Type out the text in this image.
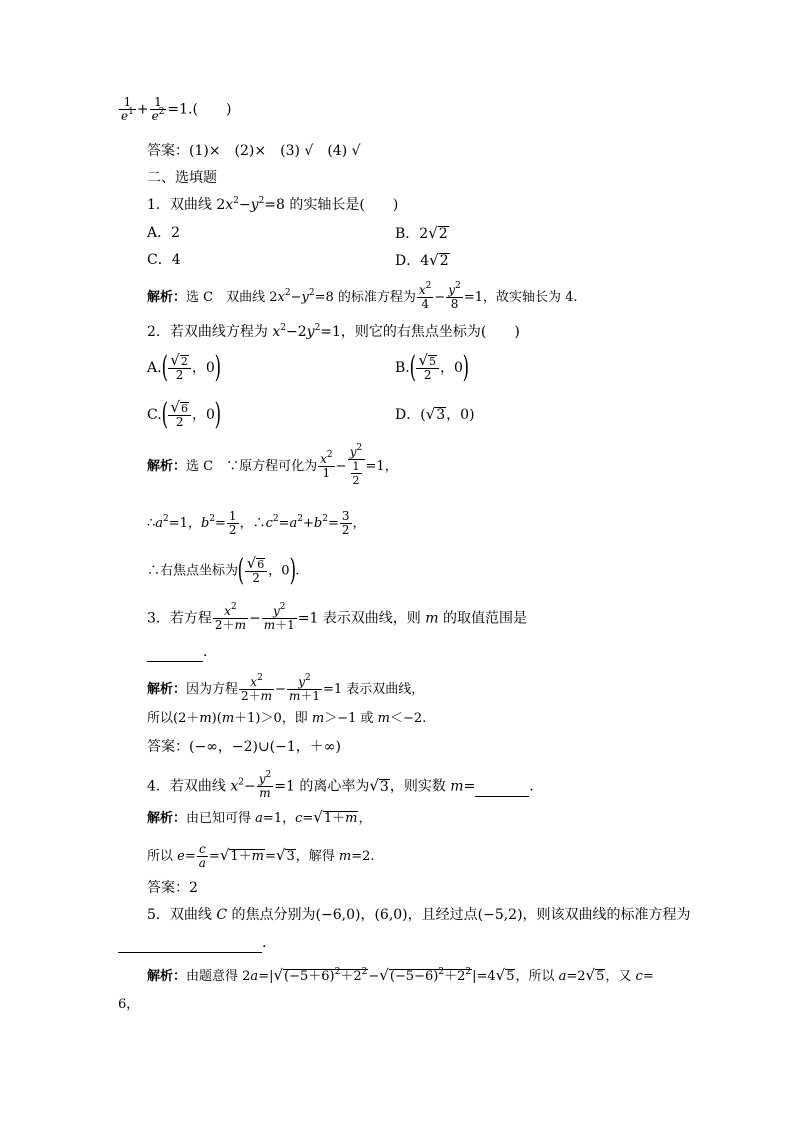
$\frac{1}{e^1} + \frac{1}{e^2} =1$.(　　)
答案：(1)×　(2)×　(3) √　(4) √
二、选填题
1．双曲线 $2x^2-y^2=8$ 的实轴长是(　　)
A．2	B．2√2
C．4	D．4√2
解析：选 C　双曲线 $2x^2-y^2=8$ 的标准方程为 $\frac{x^2}{4} - \frac{y^2}{8} =1$，故实轴长为 4.
2．若双曲线方程为 $x^2-2y^2=1$，则它的右焦点坐标为(　　)
$A.( \frac{√2}{2}$ ，0)	$B.( \frac{√5}{2}$ ，0)
$C.( \frac{√6}{2}$ ，0)	D．(√3，0)
解析：选 C　∵原方程可化为 $\frac{x^2}{1} - \frac{y^2}{\frac{1}{2}} =1$，
$\therefore a^2=1$，$b^2= \frac{1}{2}$ ，$\therefore c^2=a^2+b^2= \frac{3}{2}$ ，
∴右焦点坐标为( $\frac{√6}{2}$ ，0).
3．若方程 $\frac{x^2}{2+m} - \frac{y^2}{m+1} =1$ 表示双曲线，则 m 的取值范围是
.
解析：因为方程 $\frac{x^2}{2+m} - \frac{y^2}{m+1} =1$ 表示双曲线，
所以(2＋m)(m＋1)＞0，即 m＞−1 或 m＜−2.
答案：(−∞，−2)∪(−1，＋∞)
4．若双曲线 $x^2- \frac{y^2}{m} =1$ 的离心率为√3，则实数 m=	.
解析：由已知可得 a=1，c=√1＋m，
所以 $e= \frac{c}{a} =√1+m=√3$，解得 m=2.
答案：2
5．双曲线 C 的焦点分别为(−6,0)，(6,0)，且经过点(−5,2)，则该双曲线的标准方程为
.
解析：由题意得 $2a=|√(-5+6)^2+2^2-√(-5-6)^2+2^2|=4√5$，所以 a=2√5，又 c=
6，
